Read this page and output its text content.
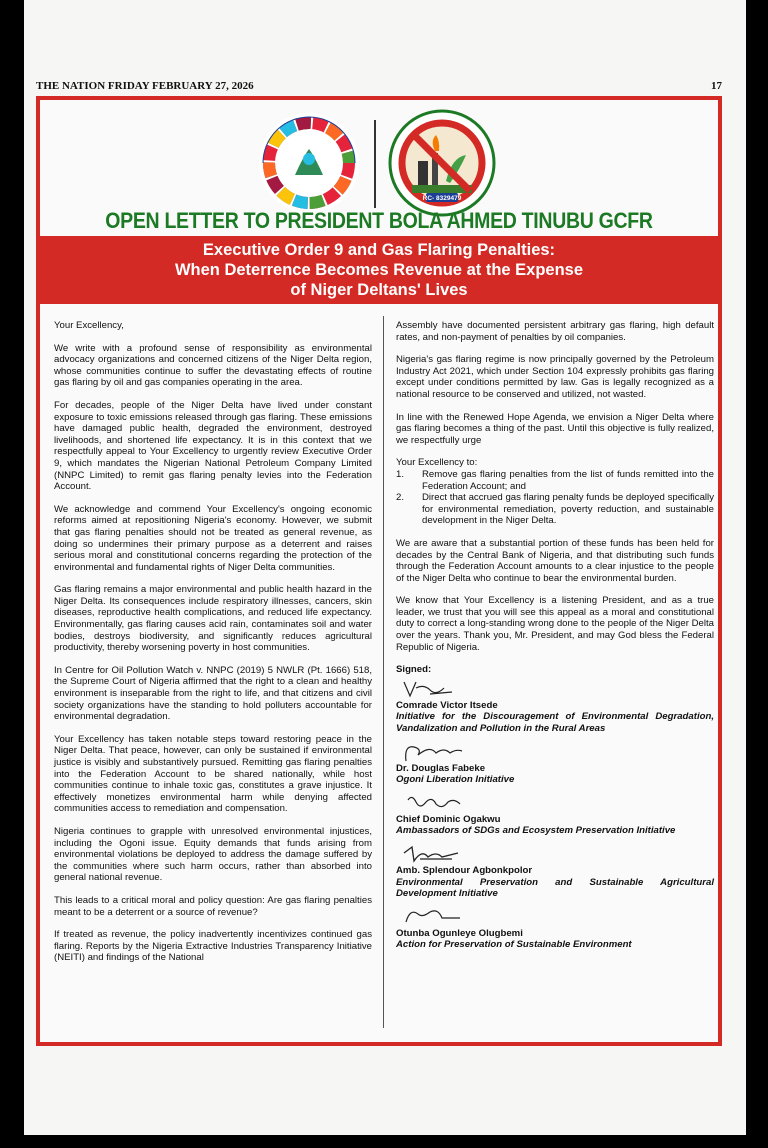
THE NATION FRIDAY FEBRUARY 27, 2026	17
RC- 8329479
OPEN LETTER TO PRESIDENT BOLA AHMED TINUBU GCFR
Executive Order 9 and Gas Flaring Penalties:
When Deterrence Becomes Revenue at the Expense
of Niger Deltans' Lives

Your Excellency,

We write with a profound sense of responsibility as environmental advocacy organizations and concerned citizens of the Niger Delta region, whose communities continue to suffer the devastating effects of routine gas flaring by oil and gas companies operating in the area.

For decades, people of the Niger Delta have lived under constant exposure to toxic emissions released through gas flaring. These emissions have damaged public health, degraded the environment, destroyed livelihoods, and shortened life expectancy. It is in this context that we respectfully appeal to Your Excellency to urgently review Executive Order 9, which mandates the Nigerian National Petroleum Company Limited (NNPC Limited) to remit gas flaring penalty levies into the Federation Account.

We acknowledge and commend Your Excellency's ongoing economic reforms aimed at repositioning Nigeria's economy. However, we submit that gas flaring penalties should not be treated as general revenue, as doing so undermines their primary purpose as a deterrent and raises serious moral and constitutional concerns regarding the protection of the environmental and fundamental rights of Niger Delta communities.

Gas flaring remains a major environmental and public health hazard in the Niger Delta. Its consequences include respiratory illnesses, cancers, skin diseases, reproductive health complications, and reduced life expectancy. Environmentally, gas flaring causes acid rain, contaminates soil and water bodies, destroys biodiversity, and significantly reduces agricultural productivity, thereby worsening poverty in host communities.

In Centre for Oil Pollution Watch v. NNPC (2019) 5 NWLR (Pt. 1666) 518, the Supreme Court of Nigeria affirmed that the right to a clean and healthy environment is inseparable from the right to life, and that citizens and civil society organizations have the standing to hold polluters accountable for environmental degradation.

Your Excellency has taken notable steps toward restoring peace in the Niger Delta. That peace, however, can only be sustained if environmental justice is visibly and substantively pursued. Remitting gas flaring penalties into the Federation Account to be shared nationally, while host communities continue to inhale toxic gas, constitutes a grave injustice. It effectively monetizes environmental harm while denying affected communities access to remediation and compensation.

Nigeria continues to grapple with unresolved environmental injustices, including the Ogoni issue. Equity demands that funds arising from environmental violations be deployed to address the damage suffered by the communities where such harm occurs, rather than absorbed into general national revenue.

This leads to a critical moral and policy question: Are gas flaring penalties meant to be a deterrent or a source of revenue?

If treated as revenue, the policy inadvertently incentivizes continued gas flaring. Reports by the Nigeria Extractive Industries Transparency Initiative (NEITI) and findings of the National

Assembly have documented persistent arbitrary gas flaring, high default rates, and non-payment of penalties by oil companies.

Nigeria's gas flaring regime is now principally governed by the Petroleum Industry Act 2021, which under Section 104 expressly prohibits gas flaring except under conditions permitted by law. Gas is legally recognized as a national resource to be conserved and utilized, not wasted.

In line with the Renewed Hope Agenda, we envision a Niger Delta where gas flaring becomes a thing of the past. Until this objective is fully realized, we respectfully urge

Your Excellency to:
1. Remove gas flaring penalties from the list of funds remitted into the Federation Account; and
2. Direct that accrued gas flaring penalty funds be deployed specifically for environmental remediation, poverty reduction, and sustainable development in the Niger Delta.

We are aware that a substantial portion of these funds has been held for decades by the Central Bank of Nigeria, and that distributing such funds through the Federation Account amounts to a clear injustice to the people of the Niger Delta who continue to bear the environmental burden.

We know that Your Excellency is a listening President, and as a true leader, we trust that you will see this appeal as a moral and constitutional duty to correct a long-standing wrong done to the people of the Niger Delta over the years. Thank you, Mr. President, and may God bless the Federal Republic of Nigeria.

Signed:
Comrade Victor Itsede
Initiative for the Discouragement of Environmental Degradation, Vandalization and Pollution in the Rural Areas
Dr. Douglas Fabeke
Ogoni Liberation Initiative
Chief Dominic Ogakwu
Ambassadors of SDGs and Ecosystem Preservation Initiative
Amb. Splendour Agbonkpolor
Environmental Preservation and Sustainable Agricultural Development Initiative
Otunba Ogunleye Olugbemi
Action for Preservation of Sustainable Environment
